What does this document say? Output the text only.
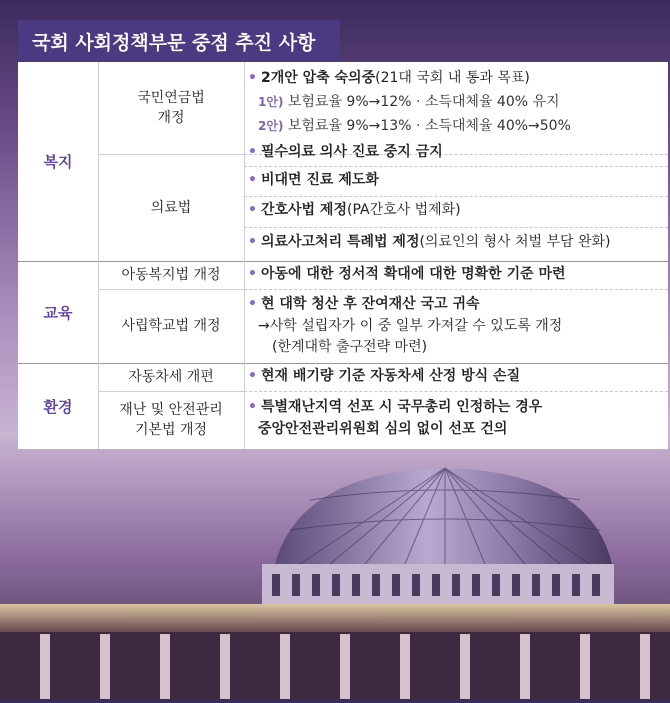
국회 사회정책부문 중점 추진 사항
복지
국민연금법 개정
의료법
• 2개안 압축 숙의중(21대 국회 내 통과 목표)
1안) 보험료율 9%→12% · 소득대체율 40% 유지
2안) 보험료율 9%→13% · 소득대체율 40%→50%
• 필수의료 의사 진료 중지 금지
• 비대면 진료 제도화
• 간호사법 제정(PA간호사 법제화)
• 의료사고처리 특례법 제정(의료인의 형사 처벌 부담 완화)
교육
아동복지법 개정
사립학교법 개정
• 아동에 대한 정서적 확대에 대한 명확한 기준 마련
• 현 대학 청산 후 잔여재산 국고 귀속
→사학 설립자가 이 중 일부 가져갈 수 있도록 개정
(한계대학 출구전략 마련)
환경
자동차세 개편
재난 및 안전관리 기본법 개정
• 현재 배기량 기준 자동차세 산정 방식 손질
• 특별재난지역 선포 시 국무총리 인정하는 경우
중앙안전관리위원회 심의 없이 선포 건의
